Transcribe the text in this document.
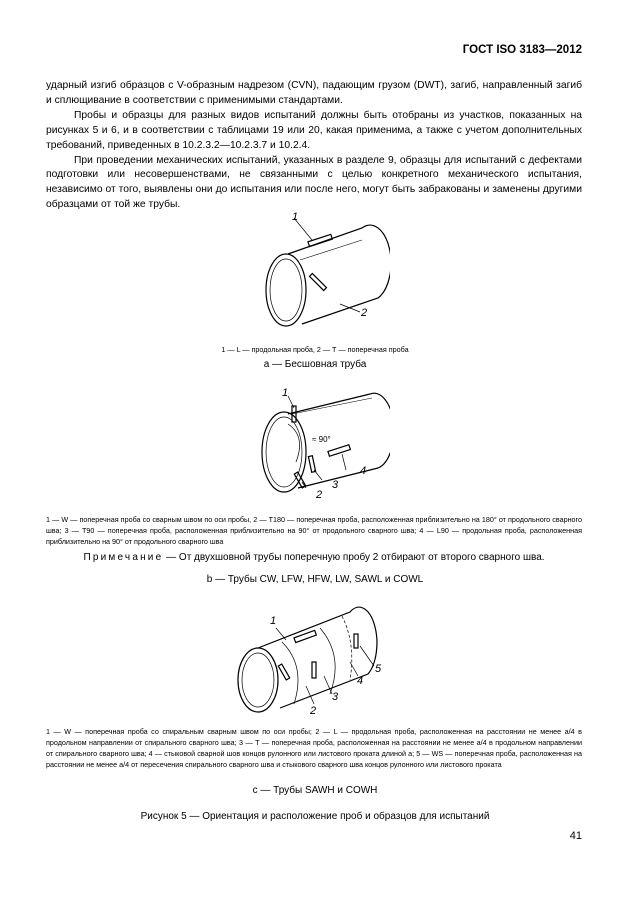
ГОСТ ISO 3183—2012

ударный изгиб образцов с V-образным надрезом (CVN), падающим грузом (DWT), загиб, направленный загиб и сплющивание в соответствии с применимыми стандартами.

Пробы и образцы для разных видов испытаний должны быть отобраны из участков, показанных на рисунках 5 и 6, и в соответствии с таблицами 19 или 20, какая применима, а также с учетом дополнительных требований, приведенных в 10.2.3.2—10.2.3.7 и 10.2.4.

При проведении механических испытаний, указанных в разделе 9, образцы для испытаний с дефектами подготовки или несовершенствами, не связанными с целью конкретного механического испытания, независимо от того, выявлены они до испытания или после него, могут быть забракованы и заменены другими образцами от той же трубы.

1
2
1 — L — продольная проба, 2 — Т — поперечная проба
a — Бесшовная труба
1
2
3
4
≈ 90°
1 — W — поперечная проба со сварным швом по оси пробы, 2 — Т180 — поперечная проба, расположенная приблизительно на 180° от продольного сварного шва; 3 — Т90 — поперечная проба, расположенная приблизительно на 90° от продольного сварного шва; 4 — L90 — продольная проба, расположенная приблизительно на 90° от продольного сварного шва
Примечание — От двухшовной трубы поперечную пробу 2 отбирают от второго сварного шва.
b — Трубы CW, LFW, HFW, LW, SAWL и COWL
1
2
3
4
5
1 — W — поперечная проба со спиральным сварным швом по оси пробы; 2 — L — продольная проба, расположенная на расстоянии не менее a/4 в продольном направлении от спирального сварного шва; 3 — Т — поперечная проба, расположенная на расстоянии не менее a/4 в продольном направлении от спирального сварного шва; 4 — стыковой сварной шов концов рулонного или листового проката длиной a; 5 — WS — поперечная проба, расположенная на расстоянии не менее a/4 от пересечения спирального сварного шва и стыкового сварного шва концов рулонного или листового проката
c — Трубы SAWH и COWH
Рисунок 5 — Ориентация и расположение проб и образцов для испытаний
41
